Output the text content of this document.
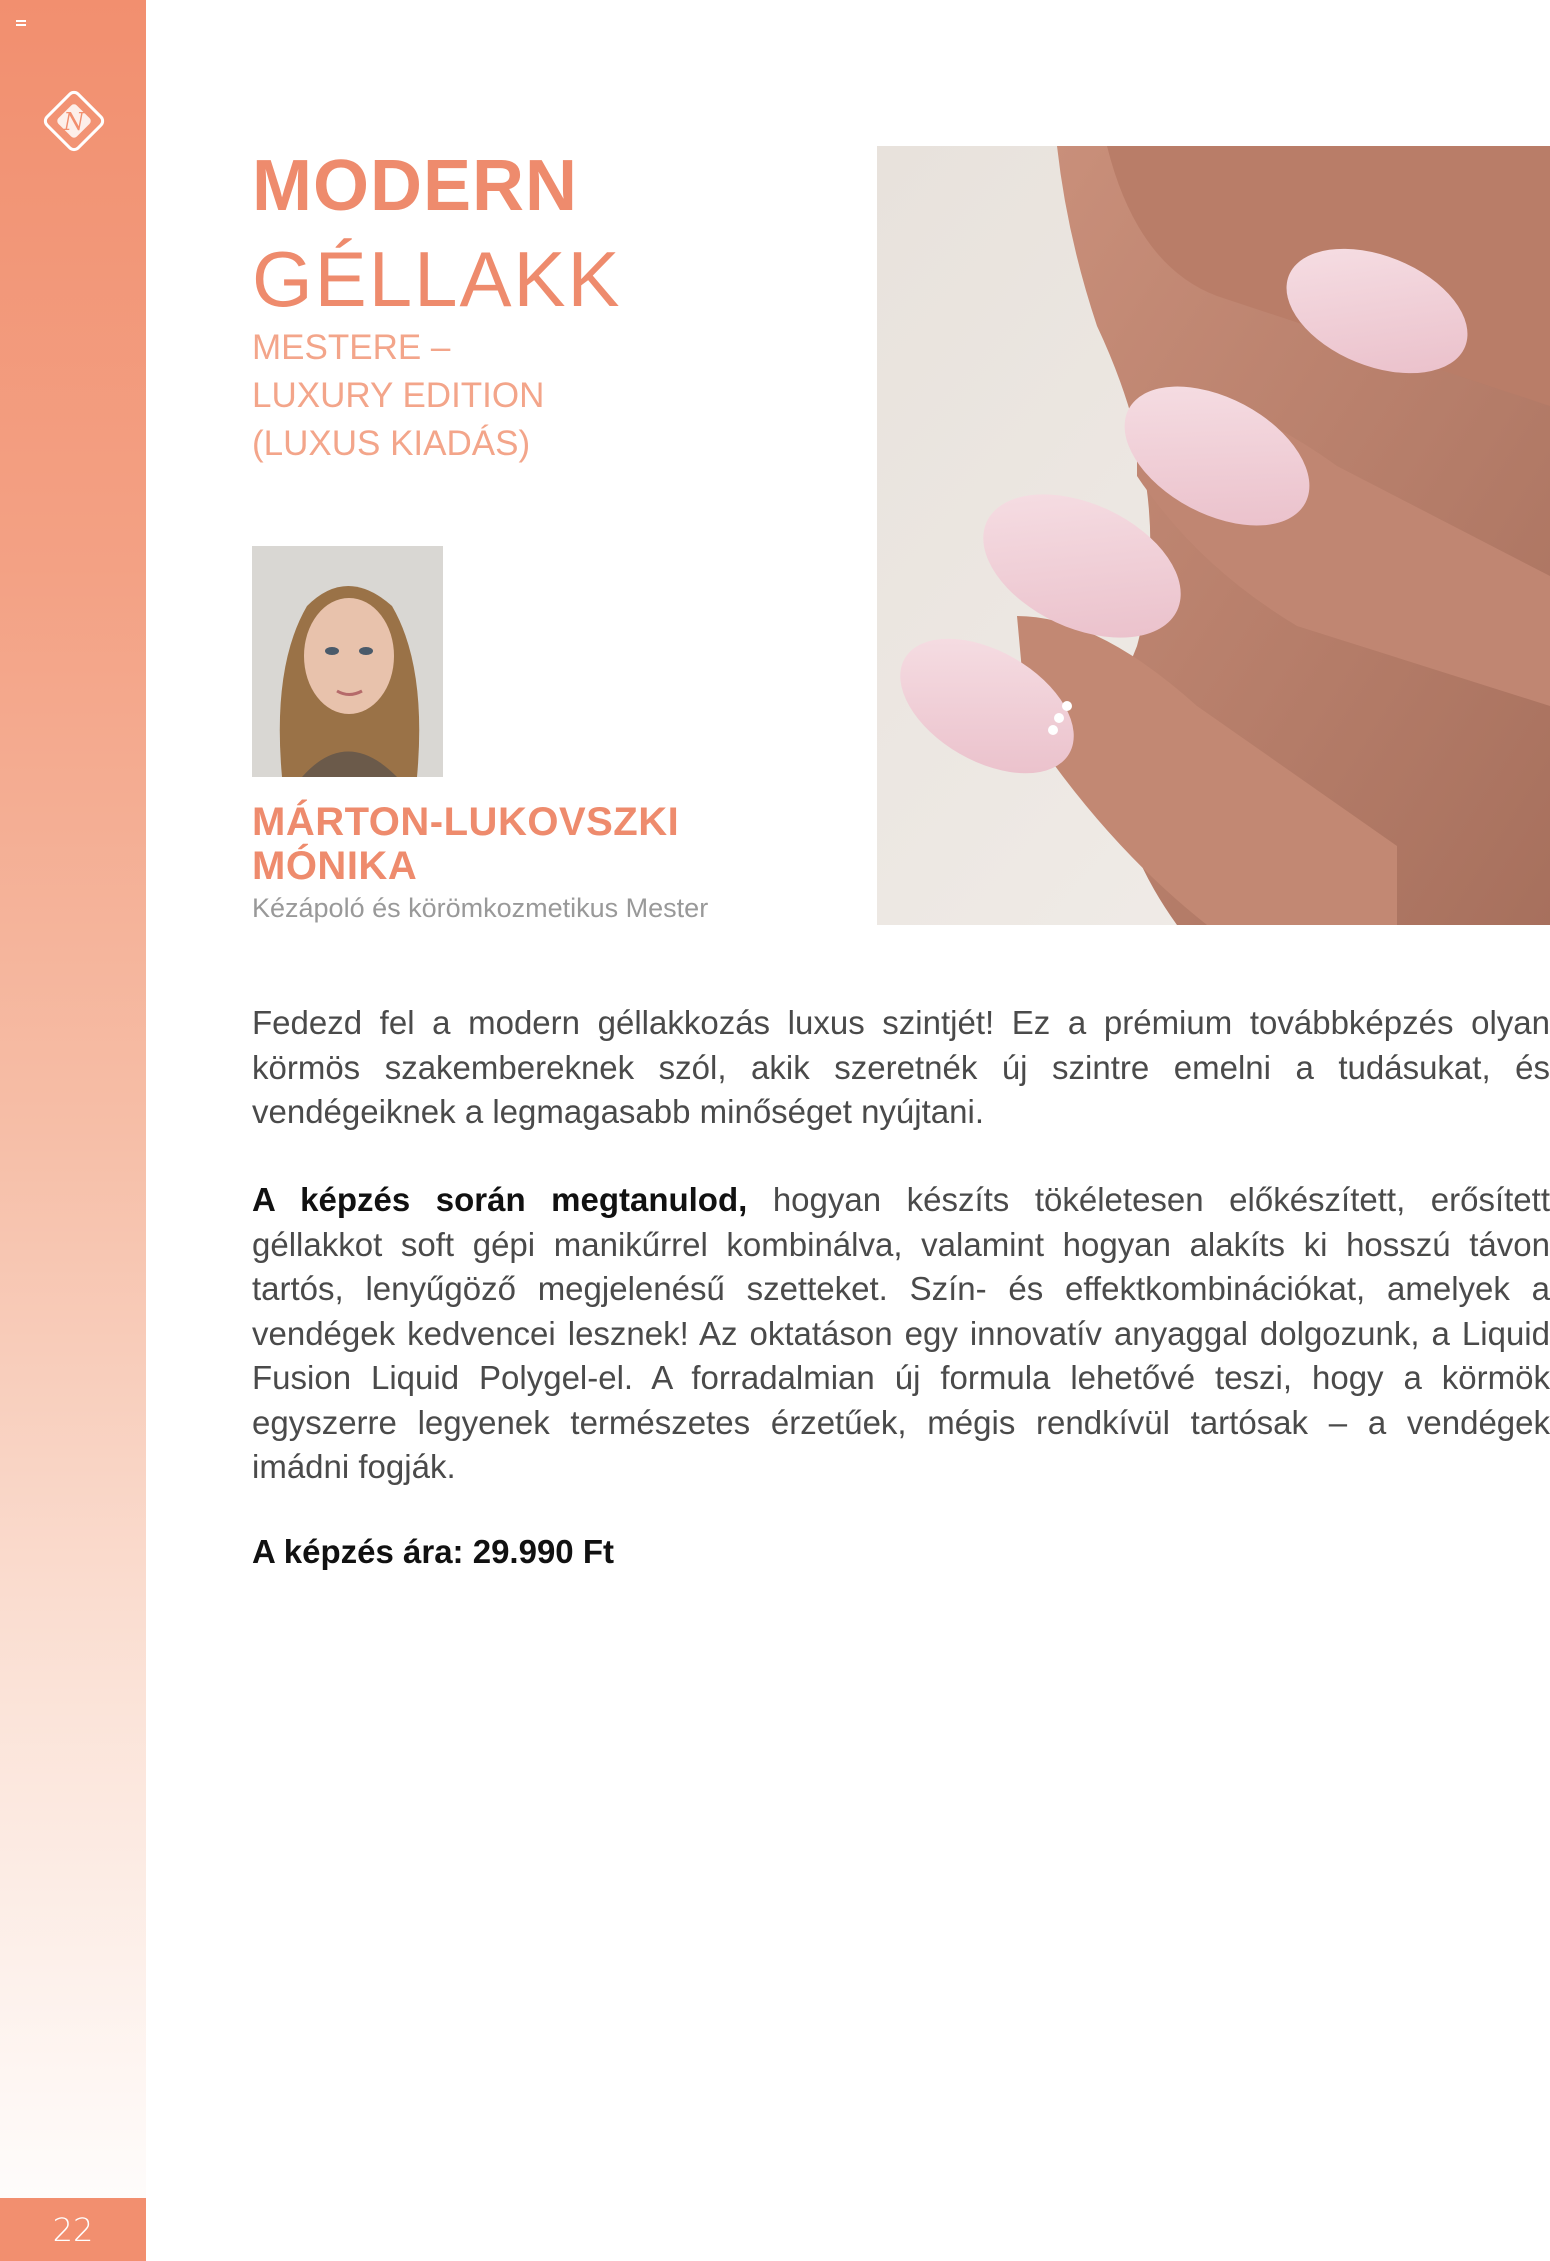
N
22
MODERN
GÉLLAKK
MESTERE –
LUXURY EDITION
(LUXUS KIADÁS)
MÁRTON-LUKOVSZKI
MÓNIKA
Kézápoló és körömkozmetikus Mester

Fedezd fel a modern géllakkozás luxus szintjét! Ez a prémium továbbképzés olyan körmös szakembereknek szól, akik szeretnék új szintre emelni a tudásukat, és vendégeiknek a legmagasabb minőséget nyújtani.

A képzés során megtanulod, hogyan készíts tökéletesen előkészített, erősített géllakkot soft gépi manikűrrel kombinálva, valamint hogyan alakíts ki hosszú távon tartós, lenyűgöző megjelenésű szetteket. Szín- és effektkombinációkat, amelyek a vendégek kedvencei lesznek! Az oktatáson egy innovatív anyaggal dolgozunk, a Liquid Fusion Liquid Polygel-el. A forradalmian új formula lehetővé teszi, hogy a körmök egyszerre legyenek természetes érzetűek, mégis rendkívül tartósak – a vendégek imádni fogják.

A képzés ára: 29.990 Ft
